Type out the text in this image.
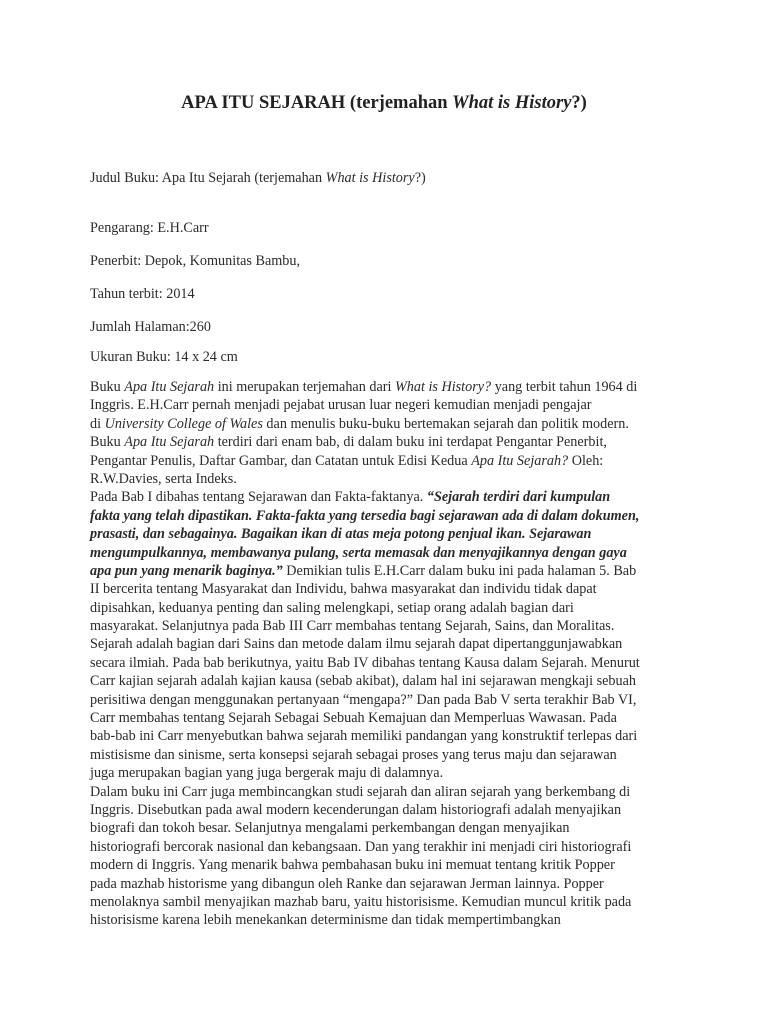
APA ITU SEJARAH (terjemahan What is History?)
Judul Buku: Apa Itu Sejarah (terjemahan What is History?)
Pengarang: E.H.Carr
Penerbit: Depok, Komunitas Bambu,
Tahun terbit: 2014
Jumlah Halaman:260
Ukuran Buku: 14 x 24 cm
Buku Apa Itu Sejarah ini merupakan terjemahan dari What is History? yang terbit tahun 1964 di
Inggris. E.H.Carr pernah menjadi pejabat urusan luar negeri kemudian menjadi pengajar
di University College of Wales dan menulis buku-buku bertemakan sejarah dan politik modern.
Buku Apa Itu Sejarah terdiri dari enam bab, di dalam buku ini terdapat Pengantar Penerbit,
Pengantar Penulis, Daftar Gambar, dan Catatan untuk Edisi Kedua Apa Itu Sejarah? Oleh:
R.W.Davies, serta Indeks.
Pada Bab I dibahas tentang Sejarawan dan Fakta-faktanya. “Sejarah terdiri dari kumpulan
fakta yang telah dipastikan. Fakta-fakta yang tersedia bagi sejarawan ada di dalam dokumen,
prasasti, dan sebagainya. Bagaikan ikan di atas meja potong penjual ikan. Sejarawan
mengumpulkannya, membawanya pulang, serta memasak dan menyajikannya dengan gaya
apa pun yang menarik baginya.” Demikian tulis E.H.Carr dalam buku ini pada halaman 5. Bab
II bercerita tentang Masyarakat dan Individu, bahwa masyarakat dan individu tidak dapat
dipisahkan, keduanya penting dan saling melengkapi, setiap orang adalah bagian dari
masyarakat. Selanjutnya pada Bab III Carr membahas tentang Sejarah, Sains, dan Moralitas.
Sejarah adalah bagian dari Sains dan metode dalam ilmu sejarah dapat dipertanggunjawabkan
secara ilmiah. Pada bab berikutnya, yaitu Bab IV dibahas tentang Kausa dalam Sejarah. Menurut
Carr kajian sejarah adalah kajian kausa (sebab akibat), dalam hal ini sejarawan mengkaji sebuah
perisitiwa dengan menggunakan pertanyaan “mengapa?” Dan pada Bab V serta terakhir Bab VI,
Carr membahas tentang Sejarah Sebagai Sebuah Kemajuan dan Memperluas Wawasan. Pada
bab-bab ini Carr menyebutkan bahwa sejarah memiliki pandangan yang konstruktif terlepas dari
mistisisme dan sinisme, serta konsepsi sejarah sebagai proses yang terus maju dan sejarawan
juga merupakan bagian yang juga bergerak maju di dalamnya.
Dalam buku ini Carr juga membincangkan studi sejarah dan aliran sejarah yang berkembang di
Inggris. Disebutkan pada awal modern kecenderungan dalam historiografi adalah menyajikan
biografi dan tokoh besar. Selanjutnya mengalami perkembangan dengan menyajikan
historiografi bercorak nasional dan kebangsaan. Dan yang terakhir ini menjadi ciri historiografi
modern di Inggris. Yang menarik bahwa pembahasan buku ini memuat tentang kritik Popper
pada mazhab historisme yang dibangun oleh Ranke dan sejarawan Jerman lainnya. Popper
menolaknya sambil menyajikan mazhab baru, yaitu historisisme. Kemudian muncul kritik pada
historisisme karena lebih menekankan determinisme dan tidak mempertimbangkan
